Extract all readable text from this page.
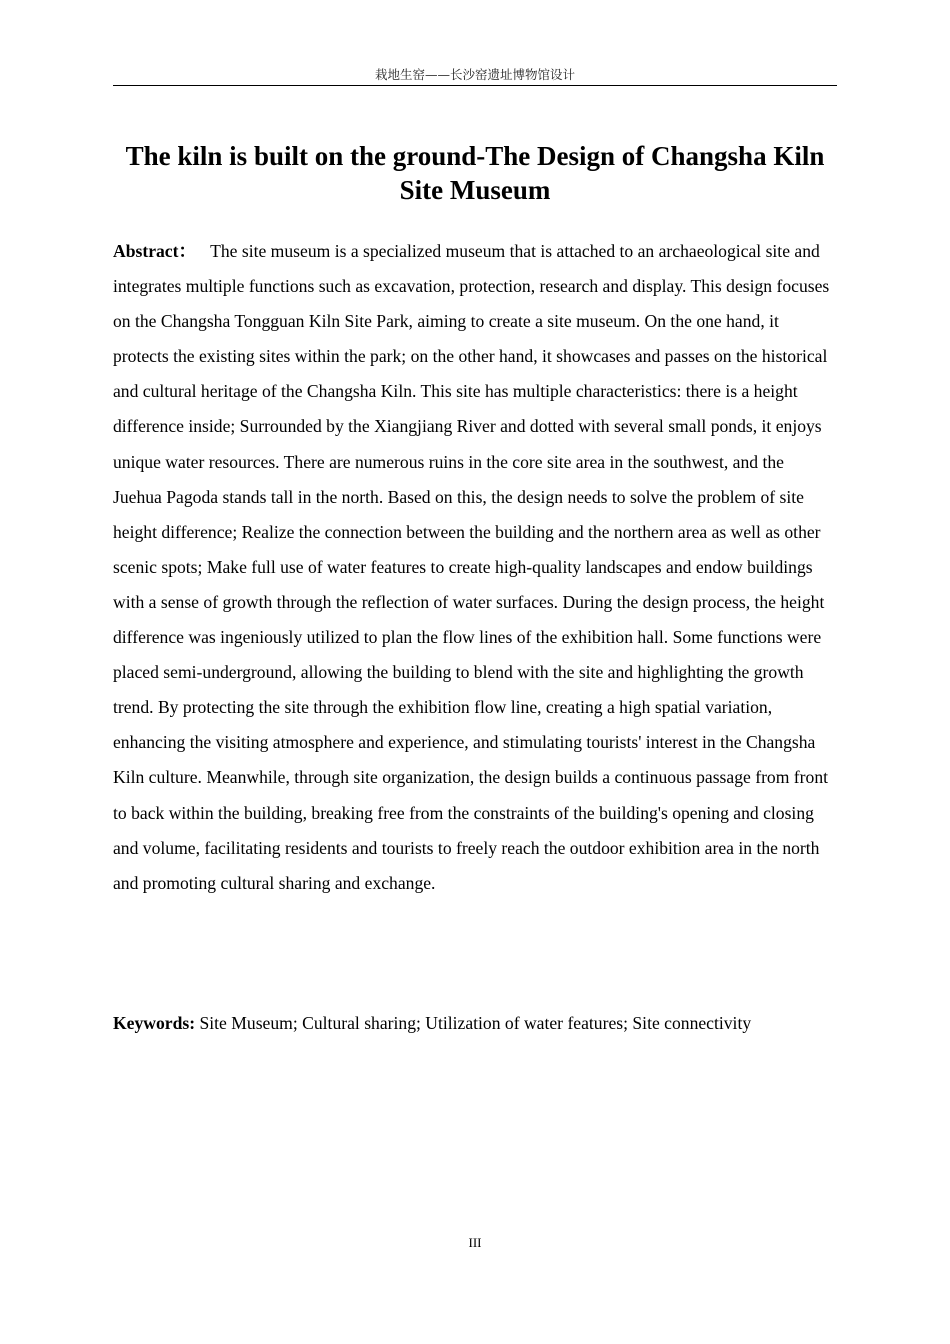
栽地生窑——长沙窑遗址博物馆设计
The kiln is built on the ground-The Design of Changsha Kiln Site Museum

Abstract： The site museum is a specialized museum that is attached to an archaeological site and integrates multiple functions such as excavation, protection, research and display. This design focuses on the Changsha Tongguan Kiln Site Park, aiming to create a site museum. On the one hand, it protects the existing sites within the park; on the other hand, it showcases and passes on the historical and cultural heritage of the Changsha Kiln. This site has multiple characteristics: there is a height difference inside; Surrounded by the Xiangjiang River and dotted with several small ponds, it enjoys unique water resources. There are numerous ruins in the core site area in the southwest, and the Juehua Pagoda stands tall in the north. Based on this, the design needs to solve the problem of site height difference; Realize the connection between the building and the northern area as well as other scenic spots; Make full use of water features to create high-quality landscapes and endow buildings with a sense of growth through the reflection of water surfaces. During the design process, the height difference was ingeniously utilized to plan the flow lines of the exhibition hall. Some functions were placed semi-underground, allowing the building to blend with the site and highlighting the growth trend. By protecting the site through the exhibition flow line, creating a high spatial variation, enhancing the visiting atmosphere and experience, and stimulating tourists' interest in the Changsha Kiln culture. Meanwhile, through site organization, the design builds a continuous passage from front to back within the building, breaking free from the constraints of the building's opening and closing and volume, facilitating residents and tourists to freely reach the outdoor exhibition area in the north and promoting cultural sharing and exchange.

Keywords: Site Museum; Cultural sharing; Utilization of water features; Site connectivity

III
